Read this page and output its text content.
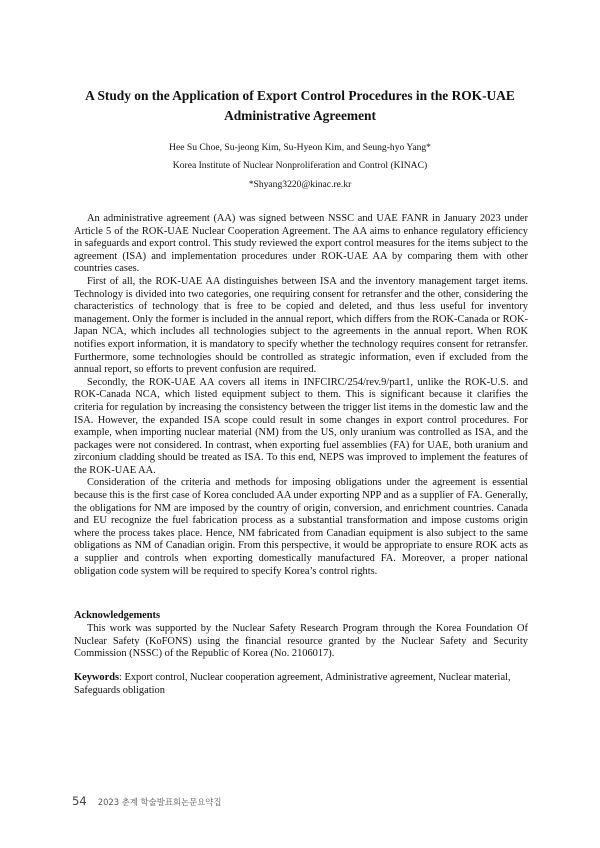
A Study on the Application of Export Control Procedures in the ROK-UAE
Administrative Agreement
Hee Su Choe, Su-jeong Kim, Su-Hyeon Kim, and Seung-hyo Yang*
Korea Institute of Nuclear Nonproliferation and Control (KINAC)
*Shyang3220@kinac.re.kr

An administrative agreement (AA) was signed between NSSC and UAE FANR in January 2023 under Article 5 of the ROK-UAE Nuclear Cooperation Agreement. The AA aims to enhance regulatory efficiency in safeguards and export control. This study reviewed the export control measures for the items subject to the agreement (ISA) and implementation procedures under ROK-UAE AA by comparing them with other countries cases.

First of all, the ROK-UAE AA distinguishes between ISA and the inventory management target items. Technology is divided into two categories, one requiring consent for retransfer and the other, considering the characteristics of technology that is free to be copied and deleted, and thus less useful for inventory management. Only the former is included in the annual report, which differs from the ROK-Canada or ROK-Japan NCA, which includes all technologies subject to the agreements in the annual report. When ROK notifies export information, it is mandatory to specify whether the technology requires consent for retransfer. Furthermore, some technologies should be controlled as strategic information, even if excluded from the annual report, so efforts to prevent confusion are required.

Secondly, the ROK-UAE AA covers all items in INFCIRC/254/rev.9/part1, unlike the ROK-U.S. and ROK-Canada NCA, which listed equipment subject to them. This is significant because it clarifies the criteria for regulation by increasing the consistency between the trigger list items in the domestic law and the ISA. However, the expanded ISA scope could result in some changes in export control procedures. For example, when importing nuclear material (NM) from the US, only uranium was controlled as ISA, and the packages were not considered. In contrast, when exporting fuel assemblies (FA) for UAE, both uranium and zirconium cladding should be treated as ISA. To this end, NEPS was improved to implement the features of the ROK-UAE AA.

Consideration of the criteria and methods for imposing obligations under the agreement is essential because this is the first case of Korea concluded AA under exporting NPP and as a supplier of FA. Generally, the obligations for NM are imposed by the country of origin, conversion, and enrichment countries. Canada and EU recognize the fuel fabrication process as a substantial transformation and impose customs origin where the process takes place. Hence, NM fabricated from Canadian equipment is also subject to the same obligations as NM of Canadian origin. From this perspective, it would be appropriate to ensure ROK acts as a supplier and controls when exporting domestically manufactured FA. Moreover, a proper national obligation code system will be required to specify Korea’s control rights.

Acknowledgements

This work was supported by the Nuclear Safety Research Program through the Korea Foundation Of Nuclear Safety (KoFONS) using the financial resource granted by the Nuclear Safety and Security Commission (NSSC) of the Republic of Korea (No. 2106017).

Keywords: Export control, Nuclear cooperation agreement, Administrative agreement, Nuclear material, Safeguards obligation

54 2023 춘계 학술발표회논문요약집
